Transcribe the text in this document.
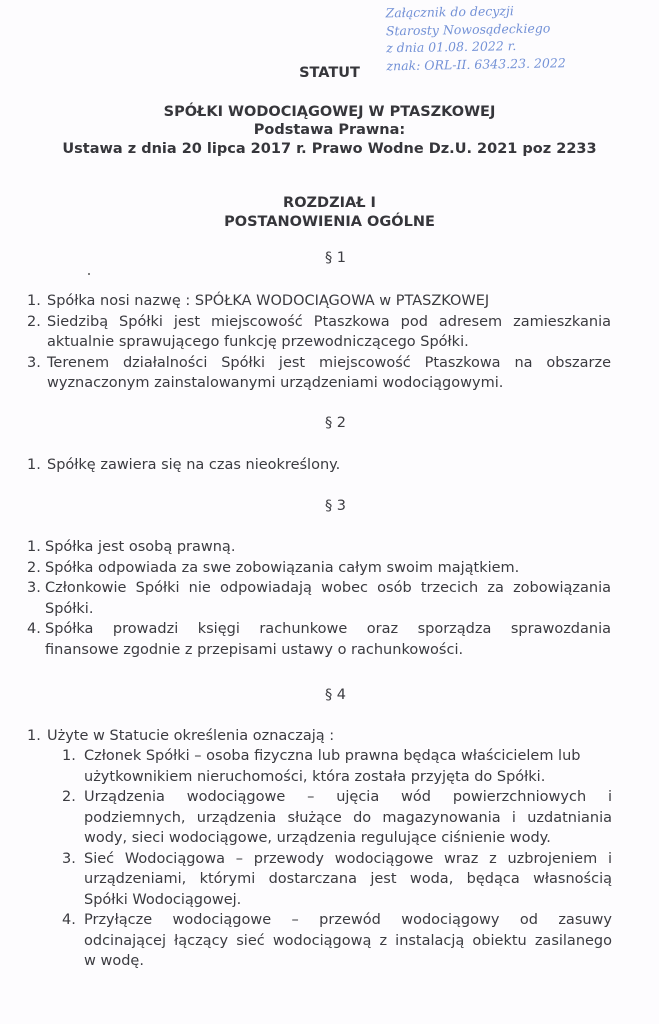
Załącznik do decyzji
Starosty Nowosądeckiego
z dnia 01.08. 2022 r.
znak: ORL-II. 6343.23. 2022
STATUT
SPÓŁKI WODOCIĄGOWEJ W PTASZKOWEJ
Podstawa Prawna:
Ustawa z dnia 20 lipca 2017 r. Prawo Wodne Dz.U. 2021 poz 2233
ROZDZIAŁ I
POSTANOWIENIA OGÓLNE
§ 1
1. Spółka nosi nazwę : SPÓŁKA WODOCIĄGOWA w PTASZKOWEJ
2. Siedzibą Spółki jest miejscowość Ptaszkowa pod adresem zamieszkania
aktualnie sprawującego funkcję przewodniczącego Spółki.
3. Terenem działalności Spółki jest miejscowość Ptaszkowa na obszarze
wyznaczonym zainstalowanymi urządzeniami wodociągowymi.
§ 2
1. Spółkę zawiera się na czas nieokreślony.
§ 3
1. Spółka jest osobą prawną.
2. Spółka odpowiada za swe zobowiązania całym swoim majątkiem.
3. Członkowie Spółki nie odpowiadają wobec osób trzecich za zobowiązania
Spółki.
4. Spółka prowadzi księgi rachunkowe oraz sporządza sprawozdania
finansowe zgodnie z przepisami ustawy o rachunkowości.
§ 4
1. Użyte w Statucie określenia oznaczają :
1. Członek Spółki – osoba fizyczna lub prawna będąca właścicielem lub
użytkownikiem nieruchomości, która została przyjęta do Spółki.
2. Urządzenia wodociągowe – ujęcia wód powierzchniowych i
podziemnych, urządzenia służące do magazynowania i uzdatniania
wody, sieci wodociągowe, urządzenia regulujące ciśnienie wody.
3. Sieć Wodociągowa – przewody wodociągowe wraz z uzbrojeniem i
urządzeniami, którymi dostarczana jest woda, będąca własnością
Spółki Wodociągowej.
4. Przyłącze wodociągowe – przewód wodociągowy od zasuwy
odcinającej łączący sieć wodociągową z instalacją obiektu zasilanego
w wodę.
